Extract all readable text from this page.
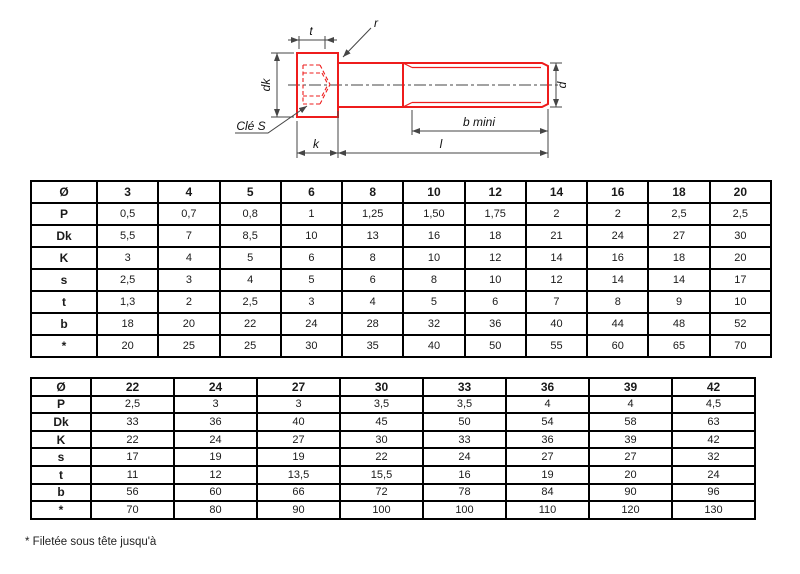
t
r
dk
Clé S	b mini
k	l
d
Ø	3	4	5	6	8	10	12	14	16	18	20
P	0,5	0,7	0,8	1	1,25	1,50	1,75	2	2	2,5	2,5
Dk	5,5	7	8,5	10	13	16	18	21	24	27	30
K	3	4	5	6	8	10	12	14	16	18	20
s	2,5	3	4	5	6	8	10	12	14	14	17
t	1,3	2	2,5	3	4	5	6	7	8	9	10
b	18	20	22	24	28	32	36	40	44	48	52
*	20	25	25	30	35	40	50	55	60	65	70
Ø	22	24	27	30	33	36	39	42
P	2,5	3	3	3,5	3,5	4	4	4,5
Dk	33	36	40	45	50	54	58	63
K	22	24	27	30	33	36	39	42
s	17	19	19	22	24	27	27	32
t	11	12	13,5	15,5	16	19	20	24
b	56	60	66	72	78	84	90	96
*	70	80	90	100	100	110	120	130
* Filetée sous tête jusqu'à
